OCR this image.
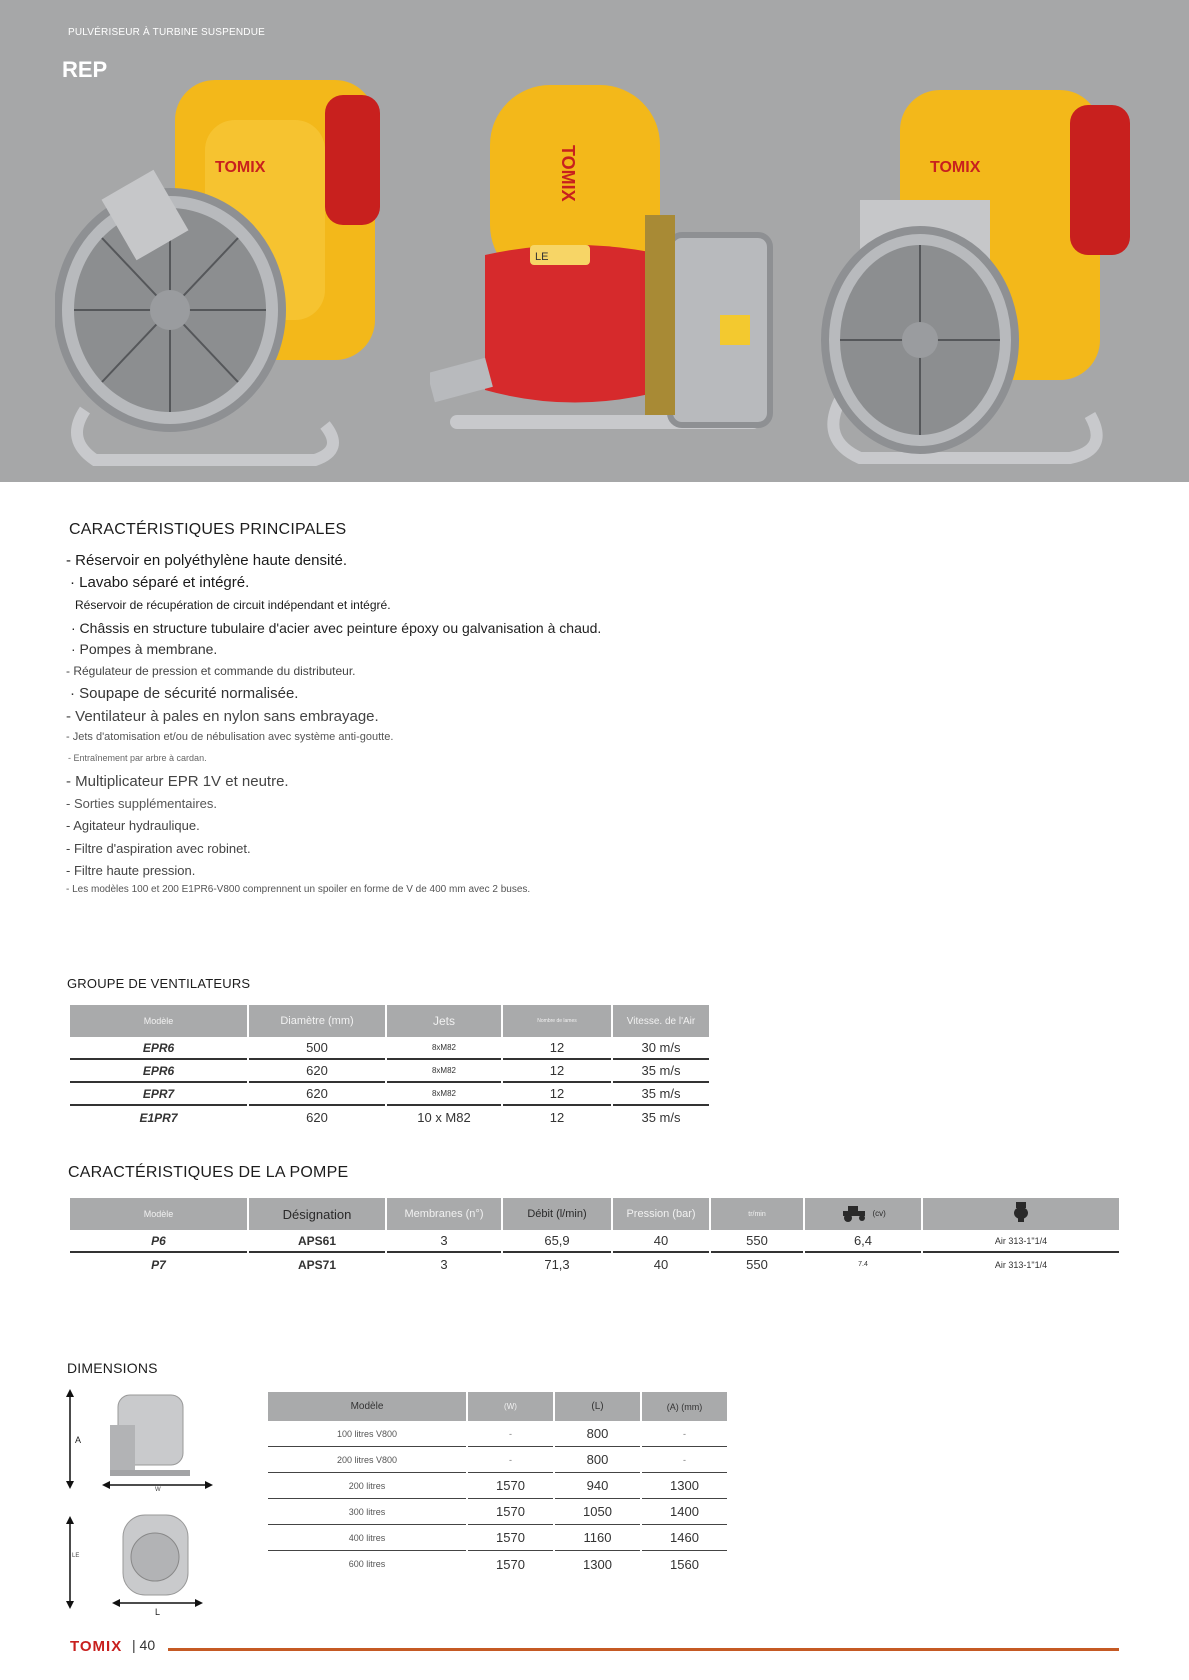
PULVÉRISEUR À TURBINE SUSPENDUE
REP
TOMIX	TOMIX
LE
TOMIX
CARACTÉRISTIQUES PRINCIPALES
- Réservoir en polyéthylène haute densité.
· Lavabo séparé et intégré.
Réservoir de récupération de circuit indépendant et intégré.
· Châssis en structure tubulaire d'acier avec peinture époxy ou galvanisation à chaud.
· Pompes à membrane.
- Régulateur de pression et commande du distributeur.
· Soupape de sécurité normalisée.
- Ventilateur à pales en nylon sans embrayage.
- Jets d'atomisation et/ou de nébulisation avec système anti-goutte.
- Entraînement par arbre à cardan.
- Multiplicateur EPR 1V et neutre.
- Sorties supplémentaires.
- Agitateur hydraulique.
- Filtre d'aspiration avec robinet.
- Filtre haute pression.
- Les modèles 100 et 200 E1PR6-V800 comprennent un spoiler en forme de V de 400 mm avec 2 buses.
GROUPE DE VENTILATEURS
Modèle	Diamètre (mm)	Jets	Nombre de lames	Vitesse. de l'Air
EPR6	500	8xM82	12	30 m/s
EPR6	620	8xM82	12	35 m/s
EPR7	620	8xM82	12	35 m/s
E1PR7	620	10 x M82	12	35 m/s
CARACTÉRISTIQUES DE LA POMPE
Modèle	Désignation	Membranes (n°)	Débit (l/min)	Pression (bar)	tr/min	(cv)	
P6	APS61	3	65,9	40	550	6,4	Air 313-1"1/4
P7	APS71	3	71,3	40	550	7.4	Air 313-1"1/4
DIMENSIONS
A
W
LE
L
Modèle	(W)	(L)	(A) (mm)
100 litres V800	-	800	-
200 litres V800	-	800	-
200 litres	1570	940	1300
300 litres	1570	1050	1400
400 litres	1570	1160	1460
600 litres	1570	1300	1560
TOMIX | 40
